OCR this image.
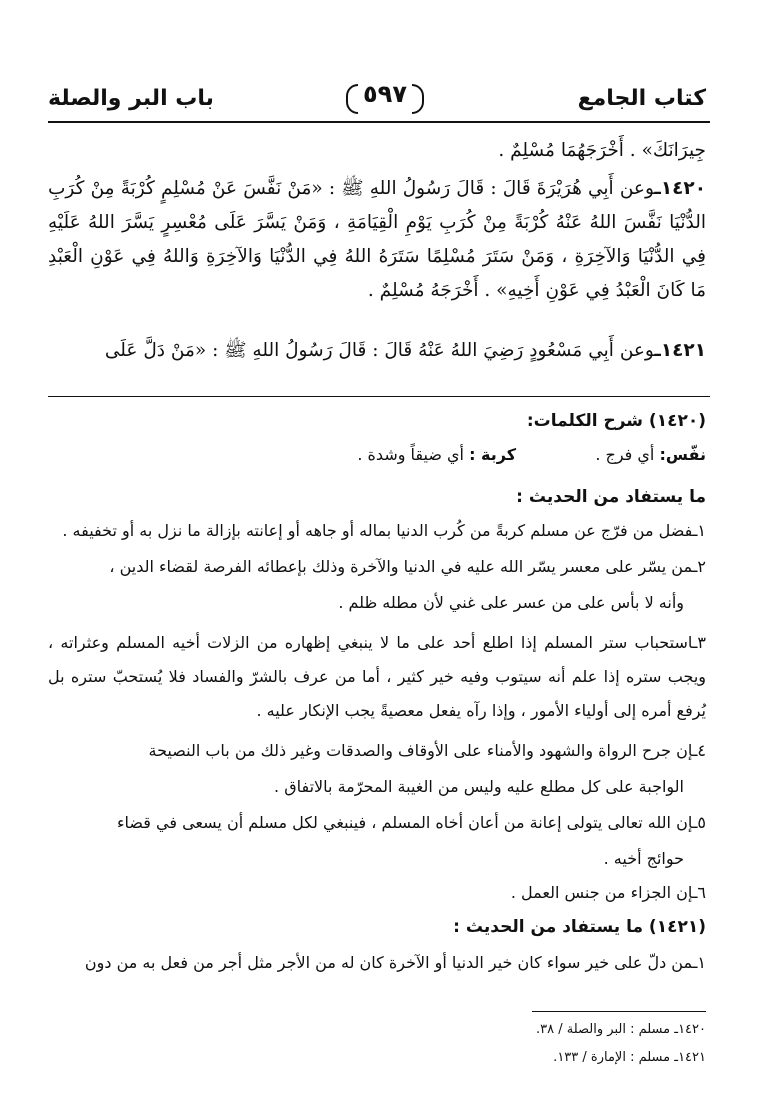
كتاب الجامع
٥٩٧
باب البر والصلة
جِيرَانَكَ» . أَخْرَجَهُمَا مُسْلِمٌ .
١٤٢٠ـوعن أَبِي هُرَيْرَةَ قَالَ : قَالَ رَسُولُ اللهِ ﷺ : «مَنْ نَفَّسَ عَنْ مُسْلِمٍ كُرْبَةً مِنْ كُرَبِ الدُّنْيَا نَفَّسَ اللهُ عَنْهُ كُرْبَةً مِنْ كُرَبِ يَوْمِ الْقِيَامَةِ ، وَمَنْ يَسَّرَ عَلَى مُعْسِرٍ يَسَّرَ اللهُ عَلَيْهِ فِي الدُّنْيَا وَالآخِرَةِ ، وَمَنْ سَتَرَ مُسْلِمًا سَتَرَهُ اللهُ فِي الدُّنْيَا وَالآخِرَةِ وَاللهُ فِي عَوْنِ الْعَبْدِ مَا كَانَ الْعَبْدُ فِي عَوْنِ أَخِيهِ» . أَخْرَجَهُ مُسْلِمٌ .
١٤٢١ـوعن أَبِي مَسْعُودٍ رَضِيَ اللهُ عَنْهُ قَالَ : قَالَ رَسُولُ اللهِ ﷺ : «مَنْ دَلَّ عَلَى
(١٤٢٠) شرح الكلمات:
نفّس: أي فرج .
كربة : أي ضيقاً وشدة .
ما يستفاد من الحديث :
١ـفضل من فرّج عن مسلم كربةً من كُرب الدنيا بماله أو جاهه أو إعانته بإزالة ما نزل به أو تخفيفه .
٢ـمن يسّر على معسر يسّر الله عليه في الدنيا والآخرة وذلك بإعطائه الفرصة لقضاء الدين ،
وأنه لا بأس على من عسر على غني لأن مطله ظلم .
٣ـاستحباب ستر المسلم إذا اطلع أحد على ما لا ينبغي إظهاره من الزلات أخيه المسلم وعثراته ، ويجب ستره إذا علم أنه سيتوب وفيه خير كثير ، أما من عرف بالشرّ والفساد فلا يُستحبّ ستره بل يُرفع أمره إلى أولياء الأمور ، وإذا رآه يفعل معصيةً يجب الإنكار عليه .
٤ـإن جرح الرواة والشهود والأمناء على الأوقاف والصدقات وغير ذلك من باب النصيحة
الواجبة على كل مطلع عليه وليس من الغيبة المحرّمة بالاتفاق .
٥ـإن الله تعالى يتولى إعانة من أعان أخاه المسلم ، فينبغي لكل مسلم أن يسعى في قضاء
حوائج أخيه .
٦ـإن الجزاء من جنس العمل .
(١٤٢١) ما يستفاد من الحديث :
١ـمن دلّ على خير سواء كان خير الدنيا أو الآخرة كان له من الأجر مثل أجر من فعل به من دون
١٤٢٠ـ مسلم : البر والصلة / ٣٨.
١٤٢١ـ مسلم : الإمارة / ١٣٣.
